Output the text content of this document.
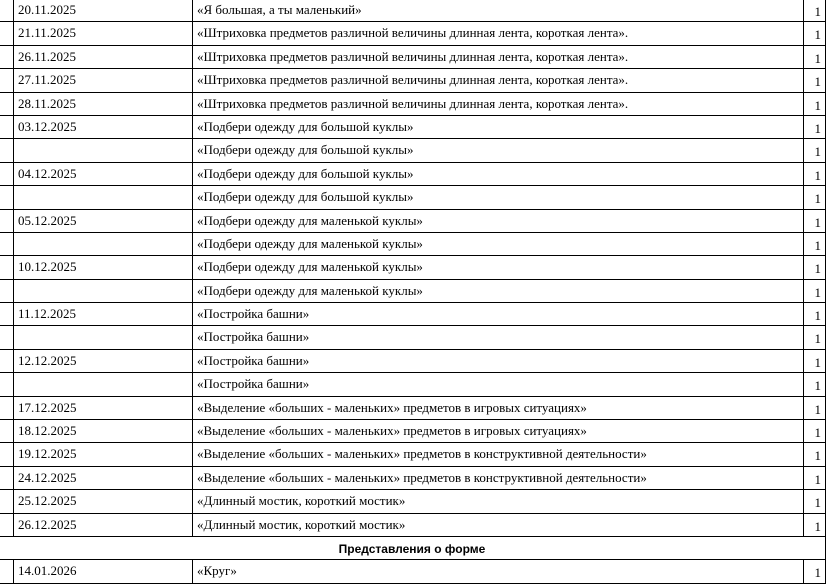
	20.11.2025	«Я большая, а ты маленький»	1
	21.11.2025	«Штриховка предметов различной величины длинная лента, короткая лента».	1
	26.11.2025	«Штриховка предметов различной величины длинная лента, короткая лента».	1
	27.11.2025	«Штриховка предметов различной величины длинная лента, короткая лента».	1
	28.11.2025	«Штриховка предметов различной величины длинная лента, короткая лента».	1
	03.12.2025	«Подбери одежду для большой куклы»	1
		«Подбери одежду для большой куклы»	1
	04.12.2025	«Подбери одежду для большой куклы»	1
		«Подбери одежду для большой куклы»	1
	05.12.2025	«Подбери одежду для маленькой куклы»	1
		«Подбери одежду для маленькой куклы»	1
	10.12.2025	«Подбери одежду для маленькой куклы»	1
		«Подбери одежду для маленькой куклы»	1
	11.12.2025	«Постройка башни»	1
		«Постройка башни»	1
	12.12.2025	«Постройка башни»	1
		«Постройка башни»	1
	17.12.2025	«Выделение «больших - маленьких» предметов в игровых ситуациях»	1
	18.12.2025	«Выделение «больших - маленьких» предметов в игровых ситуациях»	1
	19.12.2025	«Выделение «больших - маленьких» предметов в конструктивной деятельности»	1
	24.12.2025	«Выделение «больших - маленьких» предметов в конструктивной деятельности»	1
	25.12.2025	«Длинный мостик, короткий мостик»	1
	26.12.2025	«Длинный мостик, короткий мостик»	1
Представления о форме			
	14.01.2026	«Круг»	1
